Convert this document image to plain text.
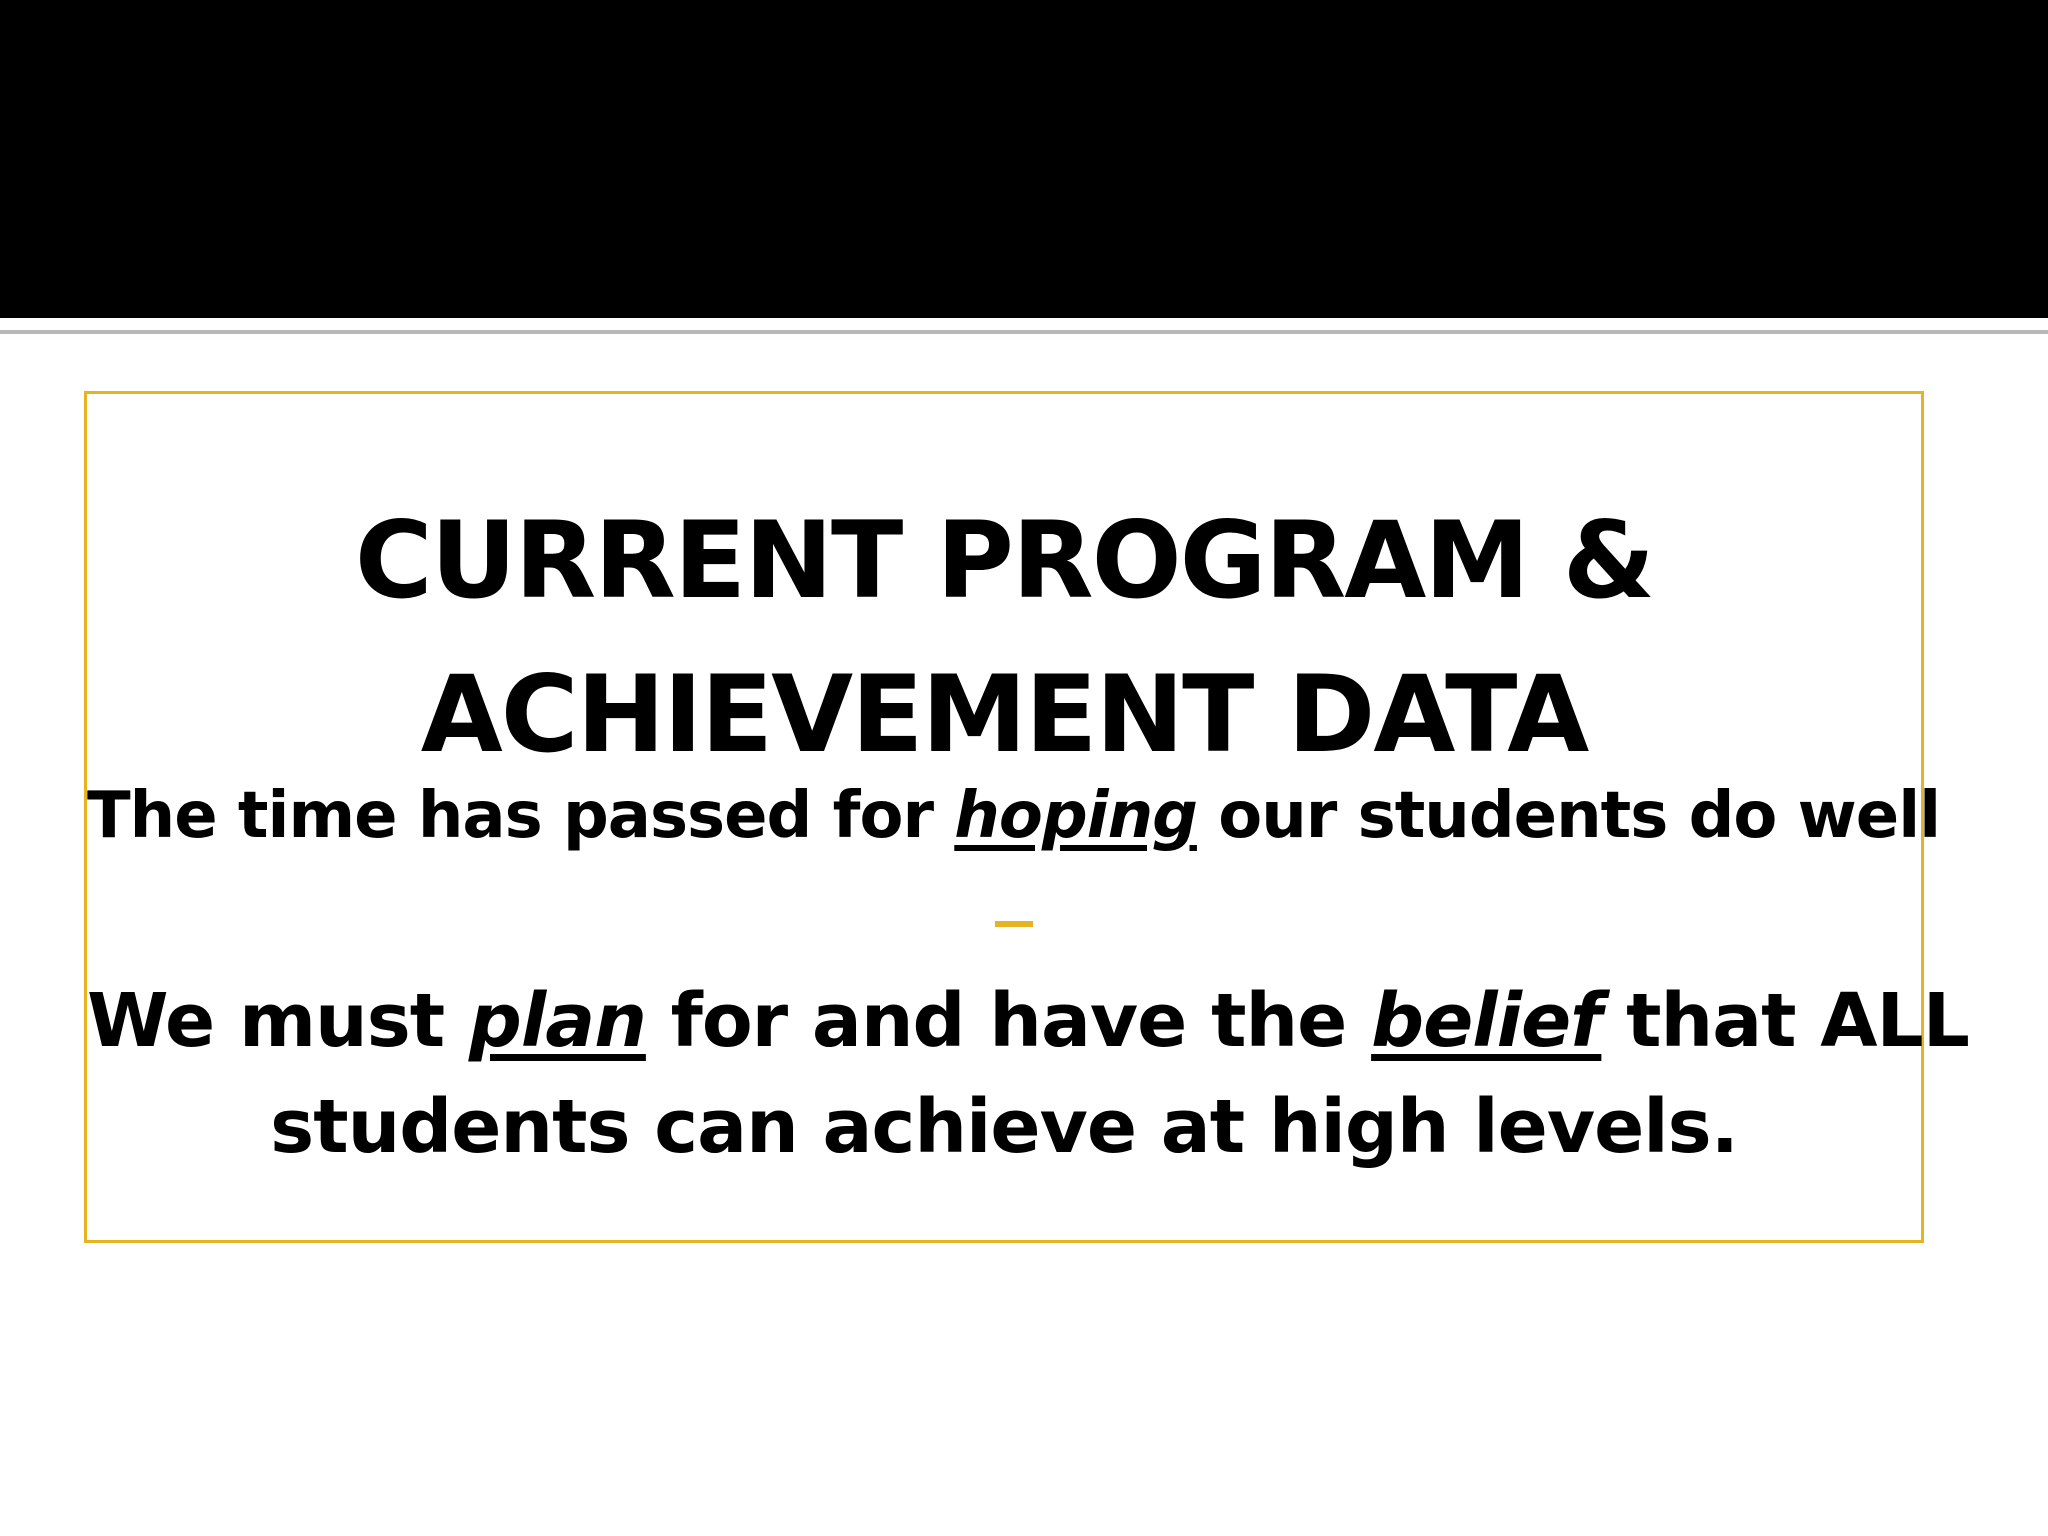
CURRENT PROGRAM &
ACHIEVEMENT DATA
The time has passed for hoping our students do well
We must plan for and have the belief that ALL
students can achieve at high levels.
